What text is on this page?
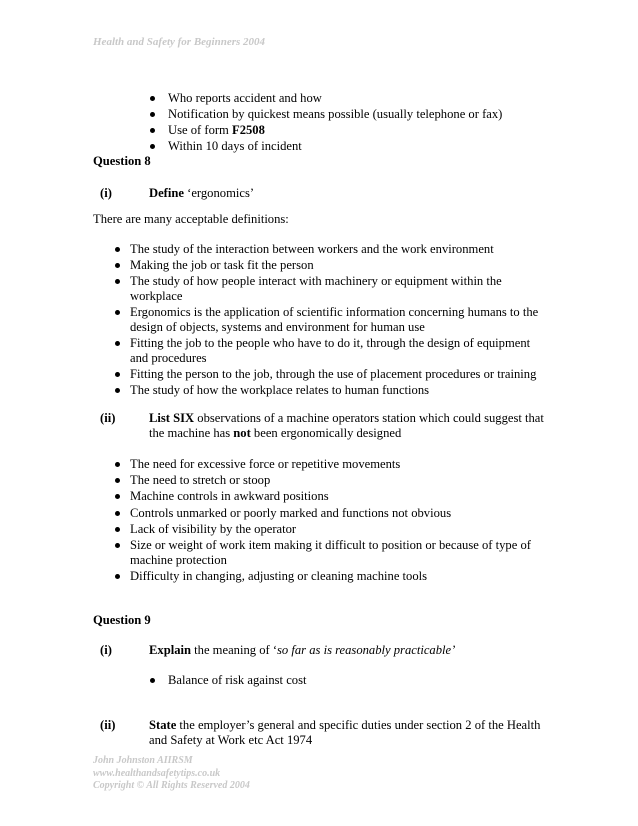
Health and Safety for Beginners 2004
Who reports accident and how
Notification by quickest means possible (usually telephone or fax)
Use of form F2508
Within 10 days of incident
Question 8
(i)	Define ‘ergonomics’
There are many acceptable definitions:
The study of the interaction between workers and the work environment
Making the job or task fit the person
The study of how people interact with machinery or equipment within the workplace
Ergonomics is the application of scientific information concerning humans to the design of objects, systems and environment for human use
Fitting the job to the people who have to do it, through the design of equipment and procedures
Fitting the person to the job, through the use of placement procedures or training
The study of how the workplace relates to human functions
(ii)	List SIX observations of a machine operators station which could suggest that the machine has not been ergonomically designed
The need for excessive force or repetitive movements
The need to stretch or stoop
Machine controls in awkward positions
Controls unmarked or poorly marked and functions not obvious
Lack of visibility by the operator
Size or weight of work item making it difficult to position or because of type of machine protection
Difficulty in changing, adjusting or cleaning machine tools
Question 9
(i)	Explain the meaning of ‘so far as is reasonably practicable’
Balance of risk against cost
(ii)	State the employer’s general and specific duties under section 2 of the Health and Safety at Work etc Act 1974
John Johnston AIIRSM
www.healthandsafetytips.co.uk
Copyright © All Rights Reserved 2004
